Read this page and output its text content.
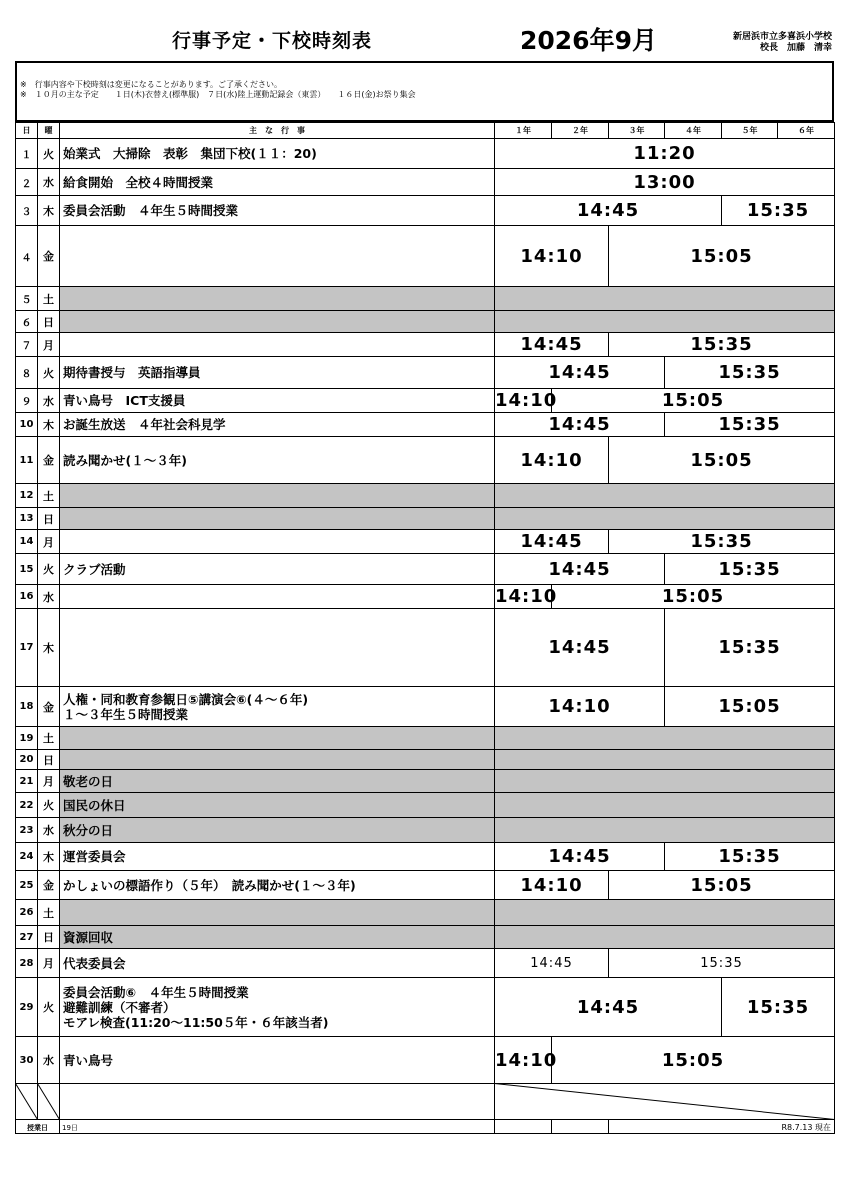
行事予定・下校時刻表	2026年9月	新居浜市立多喜浜小学校
校長　加藤　清幸
※　行事内容や下校時刻は変更になることがあります。ご了承ください。
※　１０月の主な予定　　１日(木)衣替え(標準服)　７日(水)陸上運動記録会（東雲）　　１６日(金)お祭り集会
日	曜	主　な　行　事	１年	２年	３年	４年	５年	６年
１	火	始業式　大掃除　表彰　集団下校(１１：20)	11:20					
２	水	給食開始　全校４時間授業	13:00					
３	木	委員会活動　４年生５時間授業	14:45				15:35	
４	金		14:10		15:05			
５	土						

６	日						

７	月		14:45		15:35			
８	火	期待書授与　英語指導員	14:45			15:35		
９	水	青い鳥号　ICT支援員	14:10	15:05				
10	木	お誕生放送　４年社会科見学	14:45			15:35		
11	金	読み聞かせ(１～３年)	14:10		15:05			
12	土						

13	日						

14	月		14:45		15:35			
15	火	クラブ活動	14:45			15:35		
16	水		14:10	15:05				
17	木		14:45			15:35		
18	金	人権・同和教育参観日⑤講演会⑥(４～６年)
１～３年生５時間授業	14:10			15:05		
19	土						

20	日						

21	月	敬老の日						

22	火	国民の休日						

23	水	秋分の日						

24	木	運営委員会	14:45			15:35		
25	金	かしょいの標語作り（５年）　読み聞かせ(１～３年)	14:10		15:05			
26	土						

27	日	資源回収						

28	月	代表委員会	14:45		15:35			
29	火	委員会活動⑥　４年生５時間授業
避難訓練（不審者）
モアレ検査(11:20～11:50５年・６年該当者)	14:45				15:35	
30	水	青い鳥号	14:10	15:05				

授業日		19日			R8.7.13 現在			
